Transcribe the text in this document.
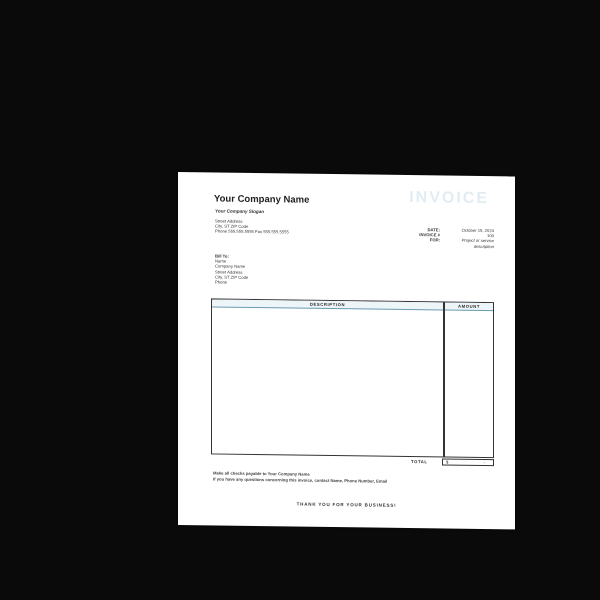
INVOICE
Your Company Name
Your Company Slogan
Street Address
City, ST ZIP Code
Phone 555.555.5555 Fax 555.555.5555	DATE:	October 15, 2024
INVOICE #	100
FOR:	Project or service
description
Bill To:
Name
Company Name
Street Address
City, ST ZIP Code
Phone
DESCRIPTION	AMOUNT
TOTAL	$	-
Make all checks payable to Your Company Name
If you have any questions concerning this invoice, contact Name, Phone Number, Email
THANK YOU FOR YOUR BUSINESS!
